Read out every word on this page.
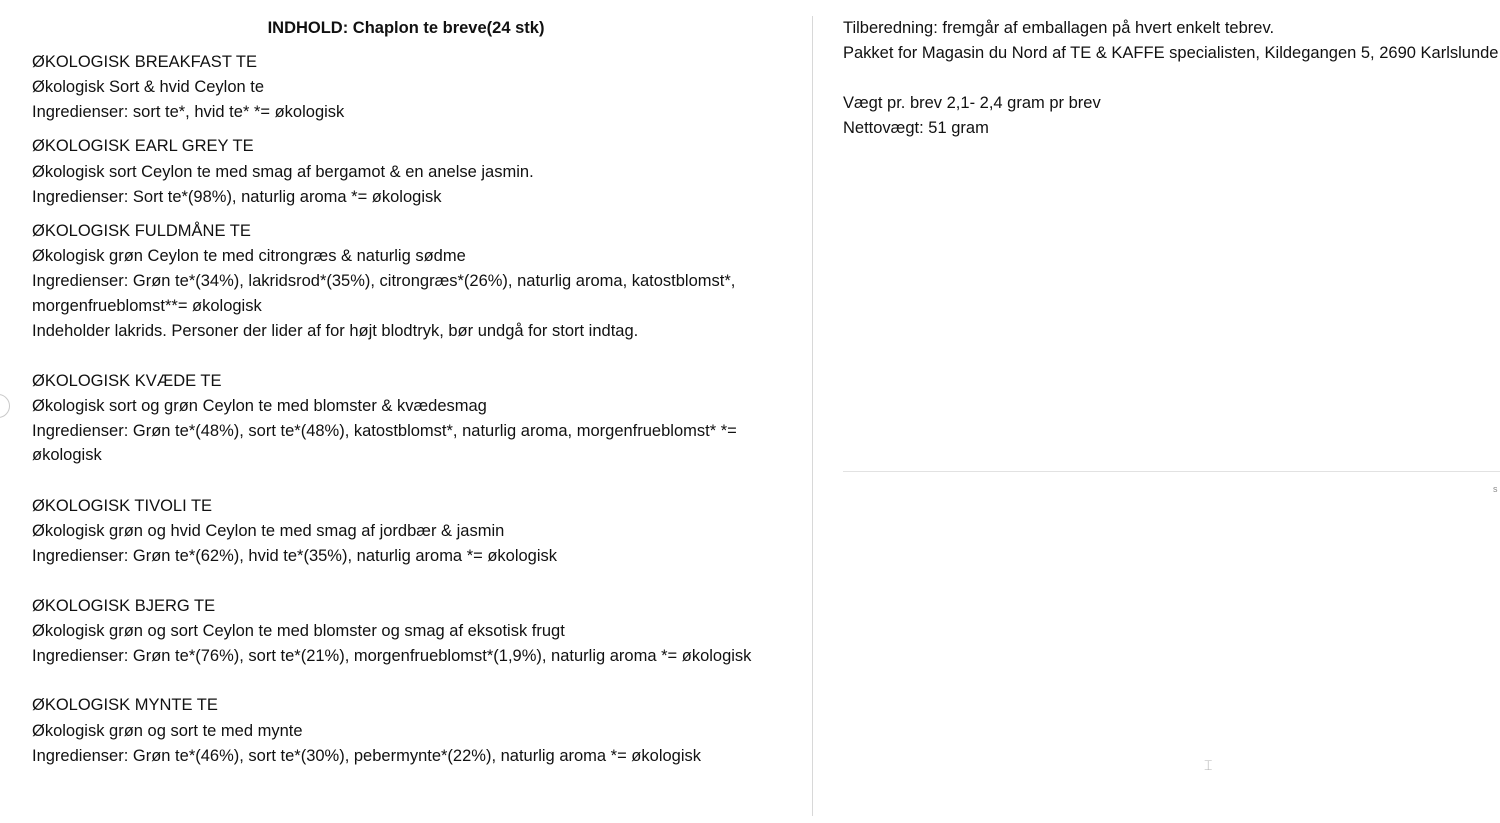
INDHOLD: Chaplon te breve(24 stk)
ØKOLOGISK BREAKFAST TE
Økologisk Sort & hvid Ceylon te
Ingredienser: sort te*, hvid te* *= økologisk
ØKOLOGISK EARL GREY TE
Økologisk sort Ceylon te med smag af bergamot & en anelse jasmin.
Ingredienser: Sort te*(98%), naturlig aroma *= økologisk
ØKOLOGISK FULDMÅNE TE
Økologisk grøn Ceylon te med citrongræs & naturlig sødme
Ingredienser: Grøn te*(34%), lakridsrod*(35%), citrongræs*(26%), naturlig aroma, katostblomst*,
morgenfrueblomst**= økologisk
Indeholder lakrids. Personer der lider af for højt blodtryk, bør undgå for stort indtag.
ØKOLOGISK KVÆDE TE
Økologisk sort og grøn Ceylon te med blomster & kvædesmag
Ingredienser: Grøn te*(48%), sort te*(48%), katostblomst*, naturlig aroma, morgenfrueblomst* *=
økologisk
ØKOLOGISK TIVOLI TE
Økologisk grøn og hvid Ceylon te med smag af jordbær & jasmin
Ingredienser: Grøn te*(62%), hvid te*(35%), naturlig aroma *= økologisk
ØKOLOGISK BJERG TE
Økologisk grøn og sort Ceylon te med blomster og smag af eksotisk frugt
Ingredienser: Grøn te*(76%), sort te*(21%), morgenfrueblomst*(1,9%), naturlig aroma *= økologisk
ØKOLOGISK MYNTE TE
Økologisk grøn og sort te med mynte
Ingredienser: Grøn te*(46%), sort te*(30%), pebermynte*(22%), naturlig aroma *= økologisk
Tilberedning: fremgår af emballagen på hvert enkelt tebrev.
Pakket for Magasin du Nord af TE & KAFFE specialisten, Kildegangen 5, 2690 Karlslunde
Vægt pr. brev 2,1- 2,4 gram pr brev
Nettovægt: 51 gram
s
⌶
